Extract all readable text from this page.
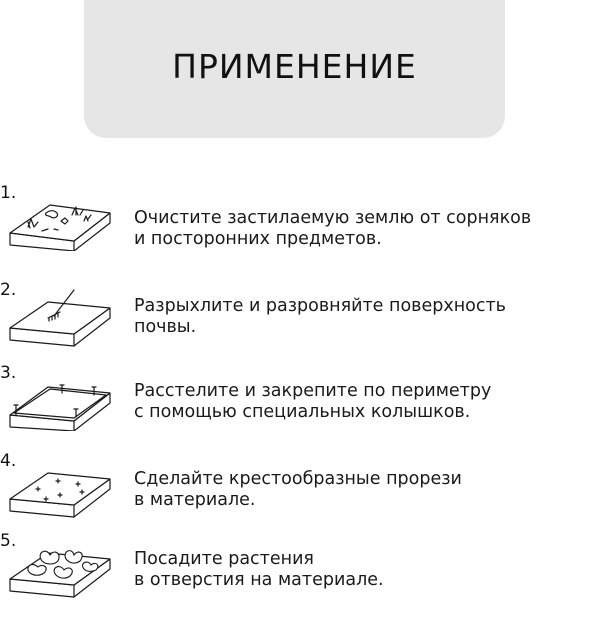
ПРИМЕНЕНИЕ
1.
Очистите застилаемую землю от сорняков
и посторонних предметов.
2.
Разрыхлите и разровняйте поверхность
почвы.
3.
Расстелите и закрепите по периметру
с помощью специальных колышков.
4.
Сделайте крестообразные прорези
в материале.
5.
Посадите растения
в отверстия на материале.
